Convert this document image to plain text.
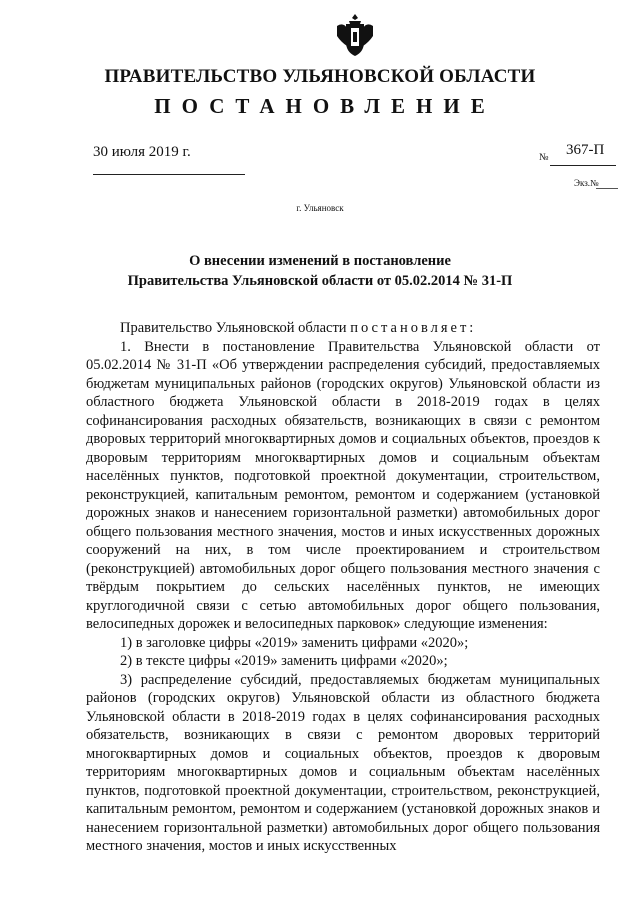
ПРАВИТЕЛЬСТВО УЛЬЯНОВСКОЙ ОБЛАСТИ
ПОСТАНОВЛЕНИЕ
30 июля 2019 г.	№ 367-П
Экз.№
г. Ульяновск
О внесении изменений в постановление
Правительства Ульяновской области от 05.02.2014 № 31-П

Правительство Ульяновской области постановляет:

1. Внести в постановление Правительства Ульяновской области от 05.02.2014 № 31-П «Об утверждении распределения субсидий, предоставляемых бюджетам муниципальных районов (городских округов) Ульяновской области из областного бюджета Ульяновской области в 2018-2019 годах в целях софинансирования расходных обязательств, возникающих в связи с ремонтом дворовых территорий многоквартирных домов и социальных объектов, проездов к дворовым территориям многоквартирных домов и социальным объектам населённых пунктов, подготовкой проектной документации, строительством, реконструкцией, капитальным ремонтом, ремонтом и содержанием (установкой дорожных знаков и нанесением горизонтальной разметки) автомобильных дорог общего пользования местного значения, мостов и иных искусственных дорожных сооружений на них, в том числе проектированием и строительством (реконструкцией) автомобильных дорог общего пользования местного значения с твёрдым покрытием до сельских населённых пунктов, не имеющих круглогодичной связи с сетью автомобильных дорог общего пользования, велосипедных дорожек и велосипедных парковок» следующие изменения:

1) в заголовке цифры «2019» заменить цифрами «2020»;

2) в тексте цифры «2019» заменить цифрами «2020»;

3) распределение субсидий, предоставляемых бюджетам муниципальных районов (городских округов) Ульяновской области из областного бюджета Ульяновской области в 2018-2019 годах в целях софинансирования расходных обязательств, возникающих в связи с ремонтом дворовых территорий многоквартирных домов и социальных объектов, проездов к дворовым территориям многоквартирных домов и социальным объектам населённых пунктов, подготовкой проектной документации, строительством, реконструкцией, капитальным ремонтом, ремонтом и содержанием (установкой дорожных знаков и нанесением горизонтальной разметки) автомобильных дорог общего пользования местного значения, мостов и иных искусственных
